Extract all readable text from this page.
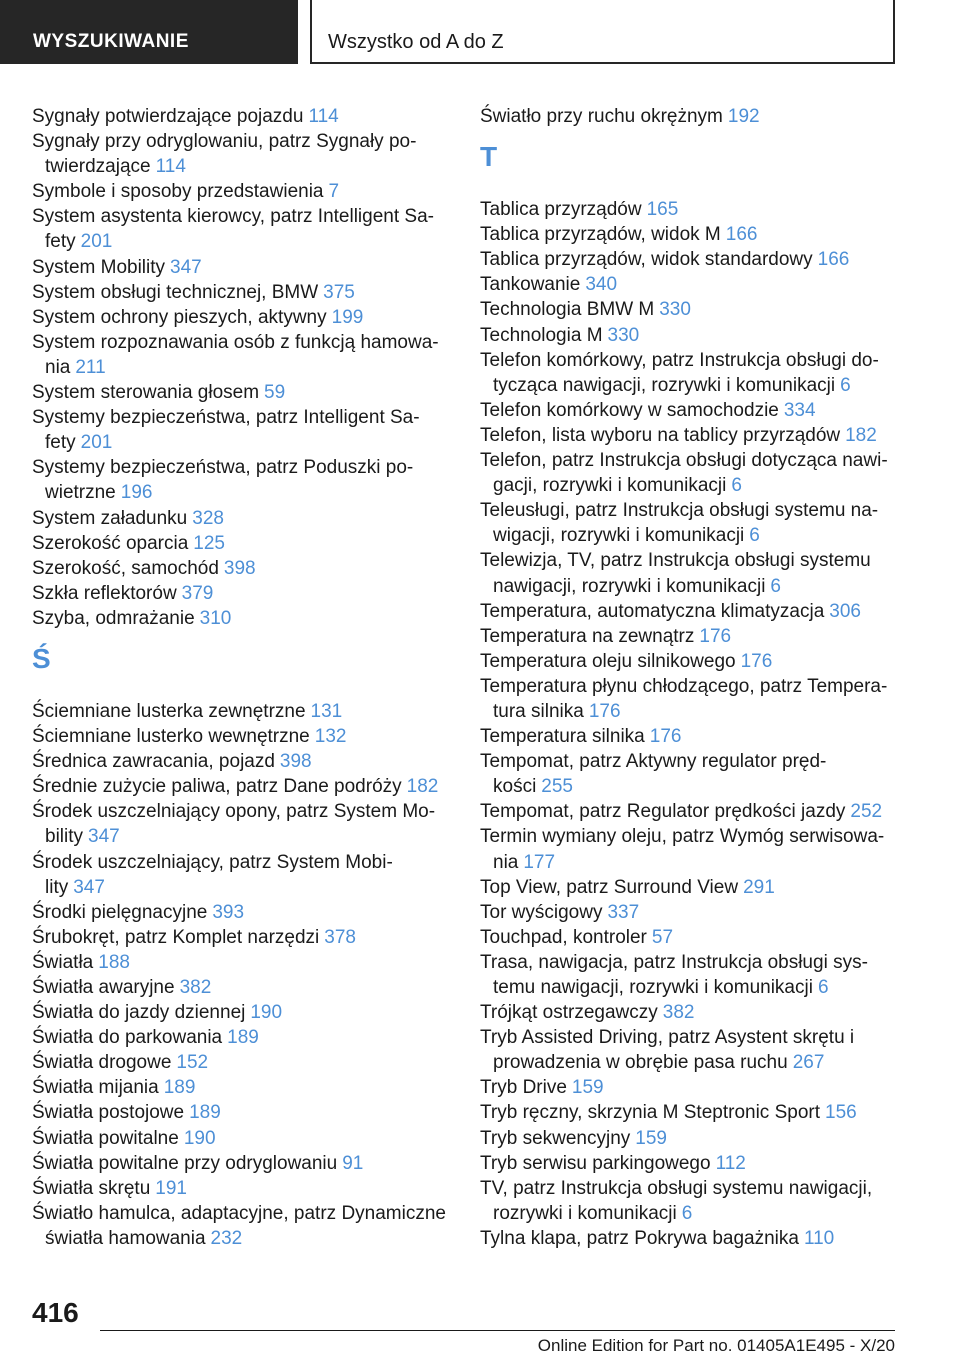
WYSZUKIWANIE	Wszystko od A do Z
Sygnały potwierdzające pojazdu 114
Sygnały przy odryglowaniu, patrz Sygnały po- twierdzające 114
Symbole i sposoby przedstawienia 7
System asystenta kierowcy, patrz Intelligent Sa- fety 201
System Mobility 347
System obsługi technicznej, BMW 375
System ochrony pieszych, aktywny 199
System rozpoznawania osób z funkcją hamowa- nia 211
System sterowania głosem 59
Systemy bezpieczeństwa, patrz Intelligent Sa- fety 201
Systemy bezpieczeństwa, patrz Poduszki po- wietrzne 196
System załadunku 328
Szerokość oparcia 125
Szerokość, samochód 398
Szkła reflektorów 379
Szyba, odmrażanie 310
Ś
Ściemniane lusterka zewnętrzne 131
Ściemniane lusterko wewnętrzne 132
Średnica zawracania, pojazd 398
Średnie zużycie paliwa, patrz Dane podróży 182
Środek uszczelniający opony, patrz System Mo- bility 347
Środek uszczelniający, patrz System Mobi- lity 347
Środki pielęgnacyjne 393
Śrubokręt, patrz Komplet narzędzi 378
Światła 188
Światła awaryjne 382
Światła do jazdy dziennej 190
Światła do parkowania 189
Światła drogowe 152
Światła mijania 189
Światła postojowe 189
Światła powitalne 190
Światła powitalne przy odryglowaniu 91
Światła skrętu 191
Światło hamulca, adaptacyjne, patrz Dynamiczne światła hamowania 232
Światło przy ruchu okrężnym 192
T
Tablica przyrządów 165
Tablica przyrządów, widok M 166
Tablica przyrządów, widok standardowy 166
Tankowanie 340
Technologia BMW M 330
Technologia M 330
Telefon komórkowy, patrz Instrukcja obsługi do- tycząca nawigacji, rozrywki i komunikacji 6
Telefon komórkowy w samochodzie 334
Telefon, lista wyboru na tablicy przyrządów 182
Telefon, patrz Instrukcja obsługi dotycząca nawi- gacji, rozrywki i komunikacji 6
Teleusługi, patrz Instrukcja obsługi systemu na- wigacji, rozrywki i komunikacji 6
Telewizja, TV, patrz Instrukcja obsługi systemu nawigacji, rozrywki i komunikacji 6
Temperatura, automatyczna klimatyzacja 306
Temperatura na zewnątrz 176
Temperatura oleju silnikowego 176
Temperatura płynu chłodzącego, patrz Tempera- tura silnika 176
Temperatura silnika 176
Tempomat, patrz Aktywny regulator pręd- kości 255
Tempomat, patrz Regulator prędkości jazdy 252
Termin wymiany oleju, patrz Wymóg serwisowa- nia 177
Top View, patrz Surround View 291
Tor wyścigowy 337
Touchpad, kontroler 57
Trasa, nawigacja, patrz Instrukcja obsługi sys- temu nawigacji, rozrywki i komunikacji 6
Trójkąt ostrzegawczy 382
Tryb Assisted Driving, patrz Asystent skrętu i prowadzenia w obrębie pasa ruchu 267
Tryb Drive 159
Tryb ręczny, skrzynia M Steptronic Sport 156
Tryb sekwencyjny 159
Tryb serwisu parkingowego 112
TV, patrz Instrukcja obsługi systemu nawigacji, rozrywki i komunikacji 6
Tylna klapa, patrz Pokrywa bagażnika 110
416
Online Edition for Part no. 01405A1E495 - X/20
